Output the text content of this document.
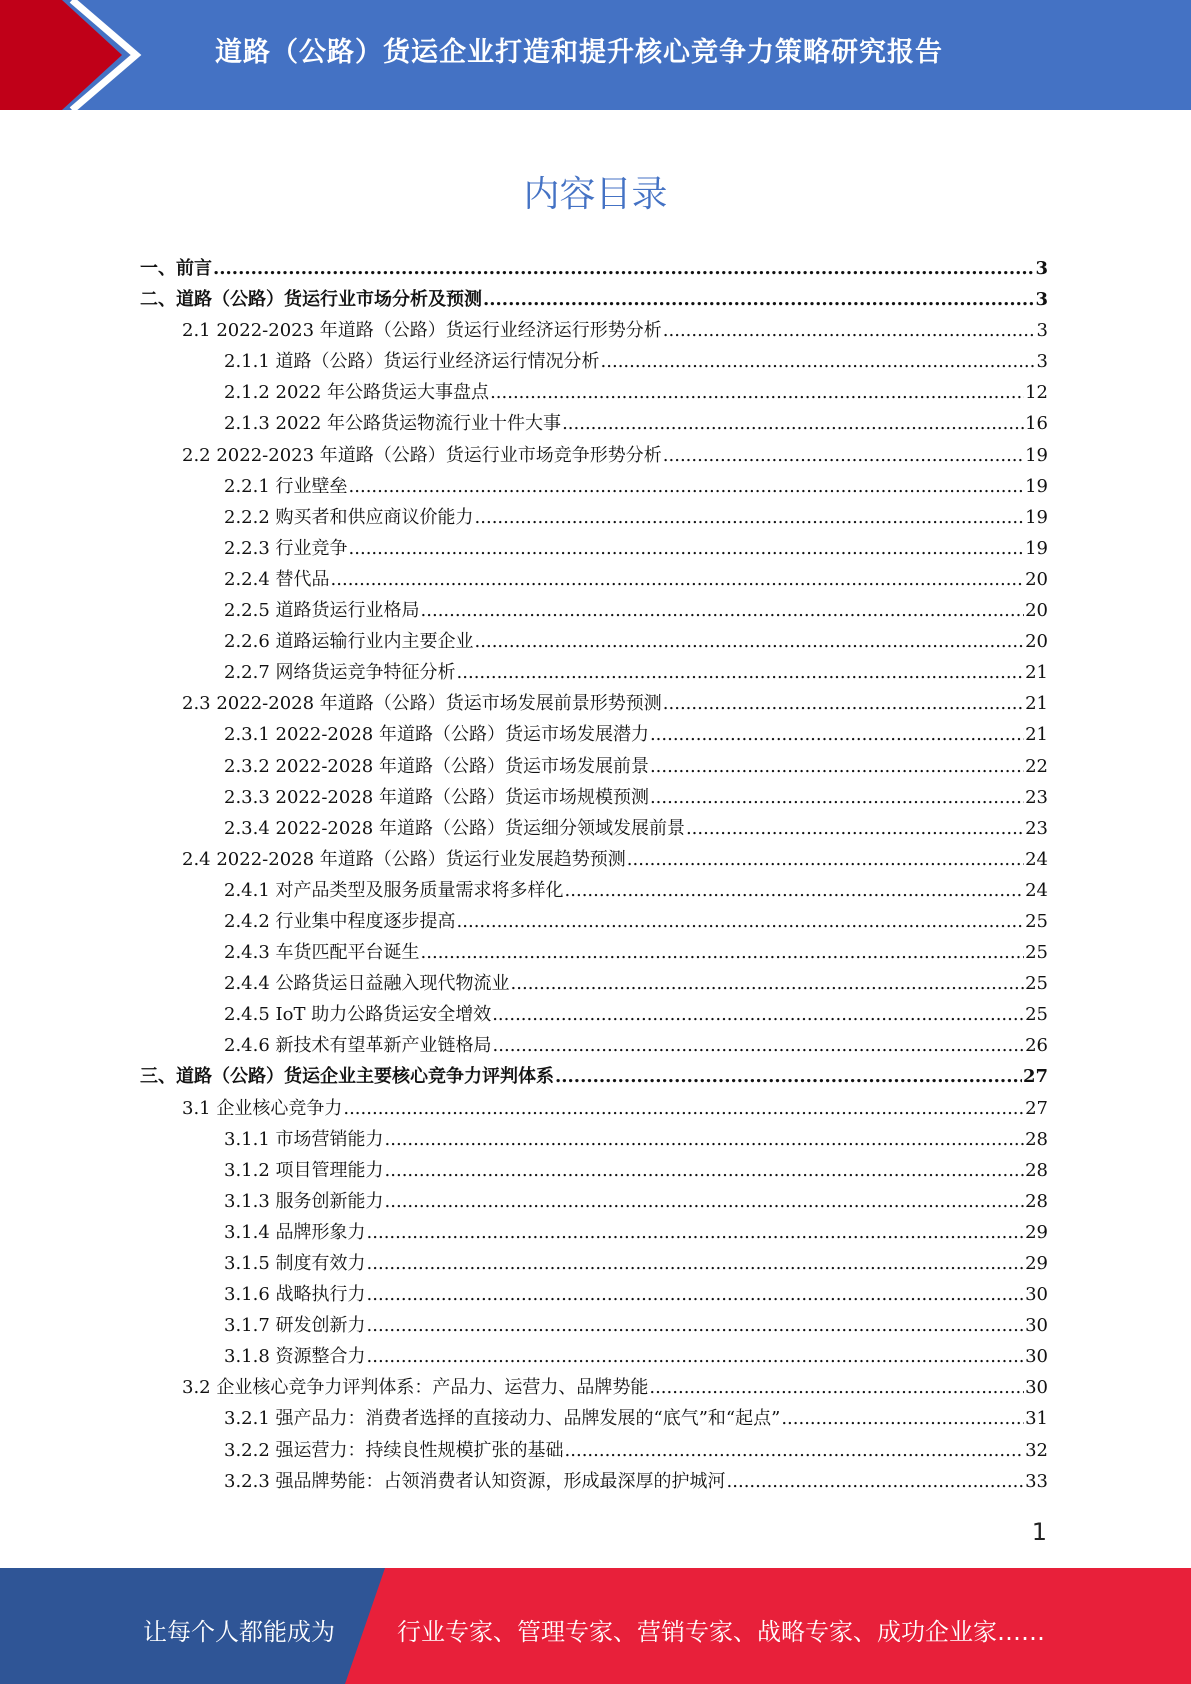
道路（公路）货运企业打造和提升核心竞争力策略研究报告
内容目录
一、前言 .....	3
二、道路（公路）货运行业市场分析及预测 .....	3
2.1 2022-2023 年道路（公路）货运行业经济运行形势分析 .....	3
2.1.1 道路（公路）货运行业经济运行情况分析 .....	3
2.1.2 2022 年公路货运大事盘点 .....	12
2.1.3 2022 年公路货运物流行业十件大事 .....	16
2.2 2022-2023 年道路（公路）货运行业市场竞争形势分析 .....	19
2.2.1 行业壁垒 .....	19
2.2.2 购买者和供应商议价能力 .....	19
2.2.3 行业竞争 .....	19
2.2.4 替代品 .....	20
2.2.5 道路货运行业格局 .....	20
2.2.6 道路运输行业内主要企业 .....	20
2.2.7 网络货运竞争特征分析 .....	21
2.3 2022-2028 年道路（公路）货运市场发展前景形势预测 .....	21
2.3.1 2022-2028 年道路（公路）货运市场发展潜力 .....	21
2.3.2 2022-2028 年道路（公路）货运市场发展前景 .....	22
2.3.3 2022-2028 年道路（公路）货运市场规模预测 .....	23
2.3.4 2022-2028 年道路（公路）货运细分领域发展前景 .....	23
2.4 2022-2028 年道路（公路）货运行业发展趋势预测 .....	24
2.4.1 对产品类型及服务质量需求将多样化 .....	24
2.4.2 行业集中程度逐步提高 .....	25
2.4.3 车货匹配平台诞生 .....	25
2.4.4 公路货运日益融入现代物流业 .....	25
2.4.5 IoT 助力公路货运安全增效 .....	25
2.4.6 新技术有望革新产业链格局 .....	26
三、道路（公路）货运企业主要核心竞争力评判体系 .....	27
3.1 企业核心竞争力 .....	27
3.1.1 市场营销能力 .....	28
3.1.2 项目管理能力 .....	28
3.1.3 服务创新能力 .....	28
3.1.4 品牌形象力 .....	29
3.1.5 制度有效力 .....	29
3.1.6 战略执行力 .....	30
3.1.7 研发创新力 .....	30
3.1.8 资源整合力 .....	30
3.2 企业核心竞争力评判体系：产品力、运营力、品牌势能 .....	30
3.2.1 强产品力：消费者选择的直接动力、品牌发展的“底气”和“起点” .....	31
3.2.2 强运营力：持续良性规模扩张的基础 .....	32
3.2.3 强品牌势能：占领消费者认知资源，形成最深厚的护城河 .....	33
1
让每个人都能成为	行业专家、管理专家、营销专家、战略专家、成功企业家……
